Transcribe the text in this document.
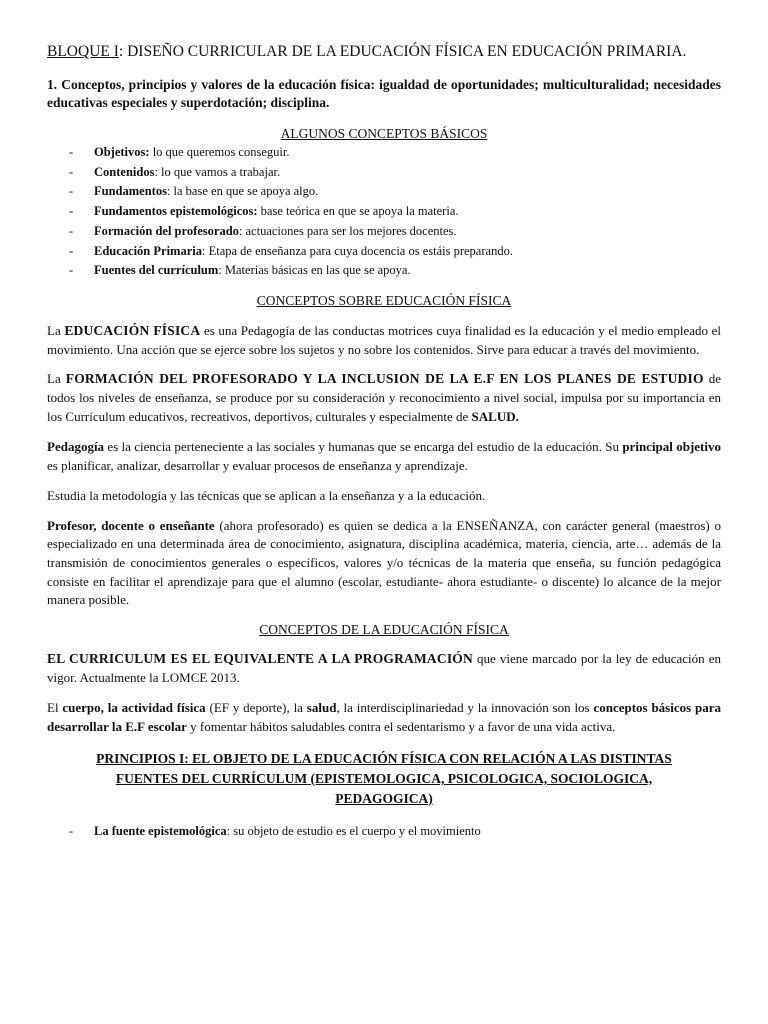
BLOQUE I: DISEÑO CURRICULAR DE LA EDUCACIÓN FÍSICA EN EDUCACIÓN PRIMARIA.

1. Conceptos, principios y valores de la educación física: igualdad de oportunidades; multiculturalidad; necesidades educativas especiales y superdotación; disciplina.

ALGUNOS CONCEPTOS BÁSICOS

- Objetivos: lo que queremos conseguir.
- Contenidos: lo que vamos a trabajar.
- Fundamentos: la base en que se apoya algo.
- Fundamentos epistemológicos: base teórica en que se apoya la materia.
- Formación del profesorado: actuaciones para ser los mejores docentes.
- Educación Primaria: Etapa de enseñanza para cuya docencia os estáis preparando.
- Fuentes del currículum: Materias básicas en las que se apoya.

CONCEPTOS SOBRE EDUCACIÓN FÍSICA

La EDUCACIÓN FÍSICA es una Pedagogía de las conductas motrices cuya finalidad es la educación y el medio empleado el movimiento. Una acción que se ejerce sobre los sujetos y no sobre los contenidos. Sirve para educar a través del movimiento.

La FORMACIÓN DEL PROFESORADO Y LA INCLUSION DE LA E.F EN LOS PLANES DE ESTUDIO de todos los niveles de enseñanza, se produce por su consideración y reconocimiento a nivel social, impulsa por su importancia en los Currículum educativos, recreativos, deportivos, culturales y especialmente de SALUD.

Pedagogía es la ciencia perteneciente a las sociales y humanas que se encarga del estudio de la educación. Su principal objetivo es planificar, analizar, desarrollar y evaluar procesos de enseñanza y aprendizaje.

Estudia la metodología y las técnicas que se aplican a la enseñanza y a la educación.

Profesor, docente o enseñante (ahora profesorado) es quien se dedica a la ENSEÑANZA, con carácter general (maestros) o especializado en una determinada área de conocimiento, asignatura, disciplina académica, materia, ciencia, arte… además de la transmisión de conocimientos generales o específicos, valores y/o técnicas de la materia que enseña, su función pedagógica consiste en facilitar el aprendizaje para que el alumno (escolar, estudiante- ahora estudiante- o discente) lo alcance de la mejor manera posible.

CONCEPTOS DE LA EDUCACIÓN FÍSICA

EL CURRICULUM ES EL EQUIVALENTE A LA PROGRAMACIÓN que viene marcado por la ley de educación en vigor. Actualmente la LOMCE 2013.

El cuerpo, la actividad física (EF y deporte), la salud, la interdisciplinariedad y la innovación son los conceptos básicos para desarrollar la E.F escolar y fomentar hábitos saludables contra el sedentarismo y a favor de una vida activa.

PRINCIPIOS I: EL OBJETO DE LA EDUCACIÓN FÍSICA CON RELACIÓN A LAS DISTINTAS FUENTES DEL CURRÍCULUM (EPISTEMOLOGICA, PSICOLOGICA, SOCIOLOGICA, PEDAGOGICA)

- La fuente epistemológica: su objeto de estudio es el cuerpo y el movimiento
